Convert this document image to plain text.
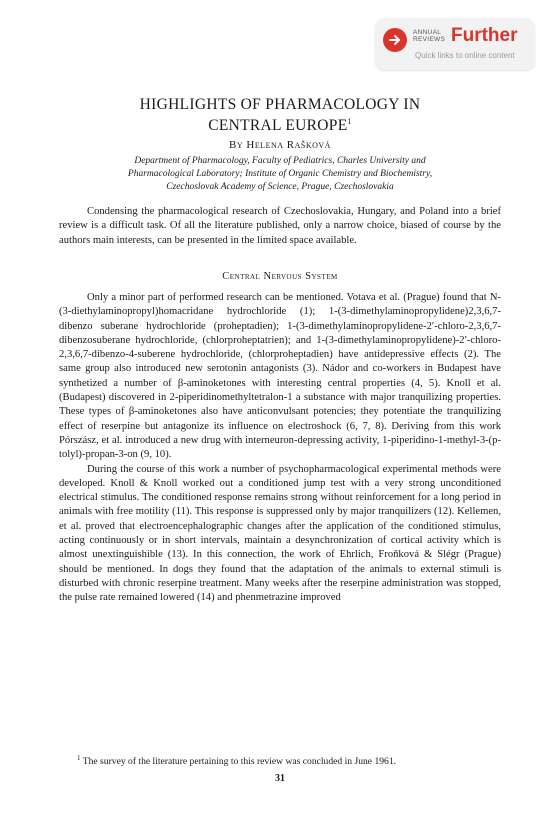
ANNUAL
REVIEWS Further
Quick links to online content
HIGHLIGHTS OF PHARMACOLOGY IN
CENTRAL EUROPE$^1$
By Helena Rašková
Department of Pharmacology, Faculty of Pediatrics, Charles University and
Pharmacological Laboratory; Institute of Organic Chemistry and Biochemistry,
Czechoslovak Academy of Science, Prague, Czechoslovakia

Condensing the pharmacological research of Czechoslovakia, Hungary, and Poland into a brief review is a difficult task. Of all the literature published, only a narrow choice, biased of course by the authors main interests, can be presented in the limited space available.

Central Nervous System

Only a minor part of performed research can be mentioned. Votava et al. (Prague) found that N-(3-diethylaminopropyl)homacridane hydrochloride (1); 1-(3-dimethylaminopropylidene)2,3,6,7-dibenzo suberane hydrochloride (proheptadien); 1-(3-dimethylaminopropylidene-2′-chloro-2,3,6,7-dibenzosuberane hydrochloride, (chlorproheptatrien); and 1-(3-dimethylaminopropylidene)-2′-chloro-2,3,6,7-dibenzo-4-suberene hydrochloride, (chlorproheptadien) have antidepressive effects (2). The same group also introduced new serotonin antagonists (3). Nádor and co-workers in Budapest have synthetized a number of β-aminoketones with interesting central properties (4, 5). Knoll et al. (Budapest) discovered in 2-piperidinomethyltetralon-1 a substance with major tranquilizing properties. These types of β-aminoketones also have anticonvulsant potencies; they potentiate the tranquilizing effect of reserpine but antagonize its influence on electroshock (6, 7, 8). Deriving from this work Pórszász, et al. introduced a new drug with interneuron-depressing activity, 1-piperidino-1-methyl-3-(p-tolyl)-propan-3-on (9, 10).

During the course of this work a number of psychopharmacological experimental methods were developed. Knoll & Knoll worked out a conditioned jump test with a very strong unconditioned electrical stimulus. The conditioned response remains strong without reinforcement for a long period in animals with free motility (11). This response is suppressed only by major tranquilizers (12). Kellemen, et al. proved that electroencephalographic changes after the application of the conditioned stimulus, acting continuously or in short intervals, maintain a desynchronization of cortical activity which is almost unextinguishible (13). In this connection, the work of Ehrlich, Froňková & Slégr (Prague) should be mentioned. In dogs they found that the adaptation of the animals to external stimuli is disturbed with chronic reserpine treatment. Many weeks after the reserpine administration was stopped, the pulse rate remained lowered (14) and phenmetrazine improved

$^1$ The survey of the literature pertaining to this review was concluded in June 1961.
31
